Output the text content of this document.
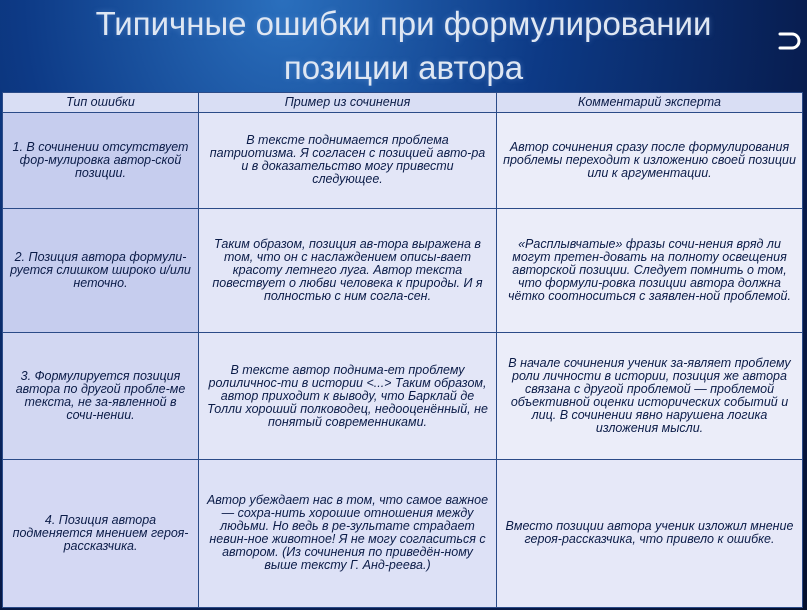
Типичные ошибки при формулировании
позиции автора
Тип ошибки	Пример из сочинения	Комментарий эксперта
1. В сочинении отсутствует фор-мулировка автор-ской позиции.	В тексте поднимается проблема патриотизма. Я согласен с позицией авто-ра и в доказательство могу привести следующее.	Автор сочинения сразу после формулирования проблемы переходит к изложению своей позиции или к аргументации.
2. Позиция автора формули-руется слишком широко и/или неточно.	Таким образом, позиция ав-тора выражена в том, что он с наслаждением описы-вает красоту летнего луга. Автор текста повествует о любви человека к природы. И я полностью с ним согла-сен.	«Расплывчатые» фразы сочи-нения вряд ли могут претен-довать на полноту освещения авторской позиции. Следует помнить о том, что формули-ровка позиции автора должна чётко соотноситься с заявлен-ной проблемой.
3. Формулируется позиция автора по другой пробле-ме текста, не за-явленной в сочи-нении.	В тексте автор поднима-ет проблему ролиличнос-ти в истории <...> Таким образом, автор приходит к выводу, что Барклай де Толли хороший полководец, недооценённый, не понятый современниками.	В начале сочинения ученик за-являет проблему роли личности в истории, позиция же автора связана с другой проблемой — проблемой объективной оценки исторических событий и лиц. В сочинении явно нарушена логика изложения мысли.
4. Позиция автора подменяется мнением героя- рассказчика.	Автор убеждает нас в том, что самое важное — сохра-нить хорошие отношения между людьми. Но ведь в ре-зультате страдает невин-ное животное! Я не могу согласиться с автором. (Из сочинения по приведён-ному выше тексту Г. Анд-реева.)	Вместо позиции автора ученик изложил мнение героя-рассказчика, что привело к ошибке.
